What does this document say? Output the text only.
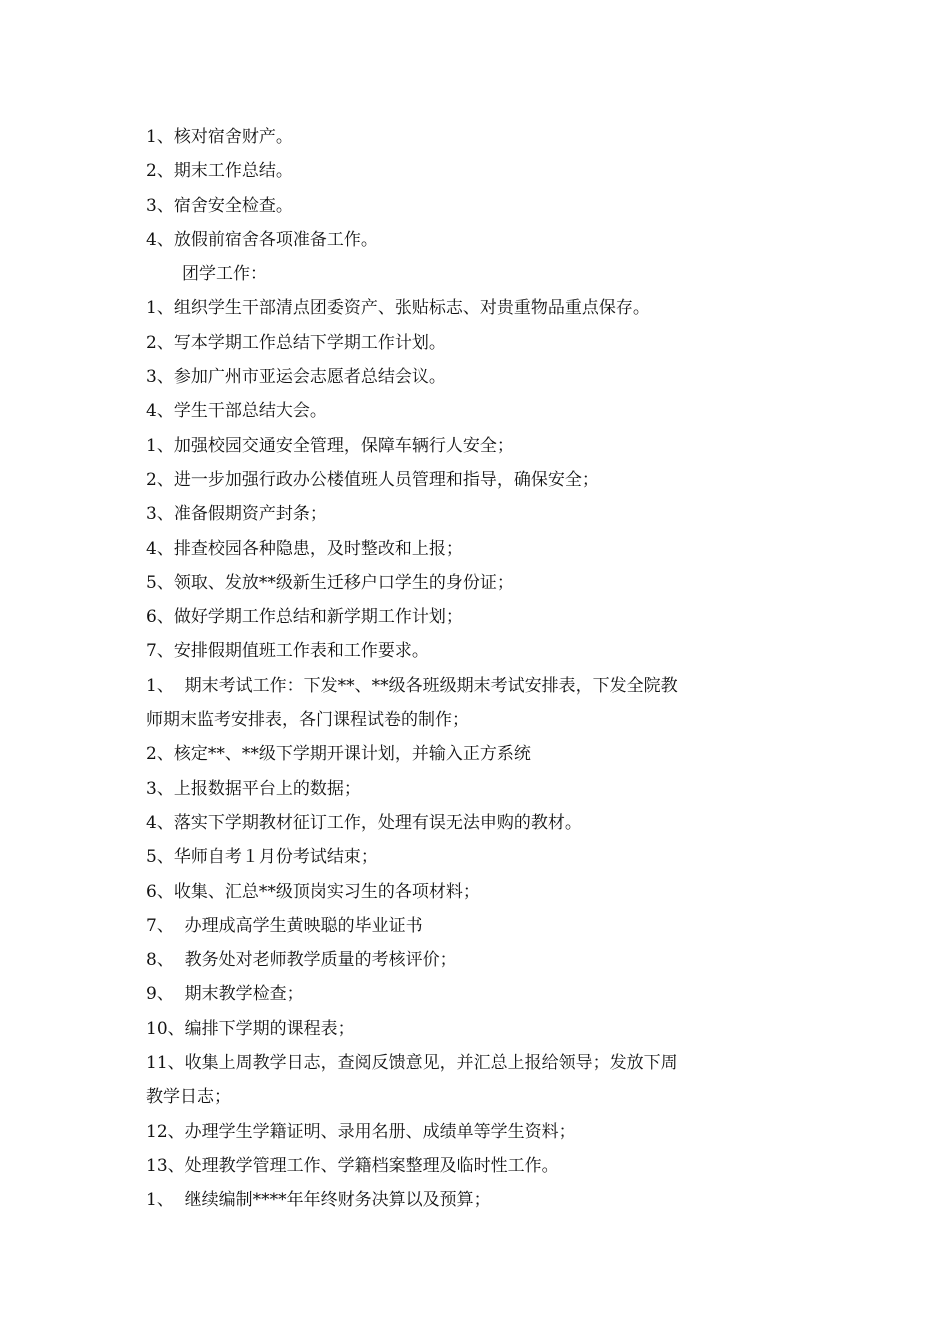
1、核对宿舍财产。
2、期末工作总结。
3、宿舍安全检查。
4、放假前宿舍各项准备工作。
团学工作：
1、组织学生干部清点团委资产、张贴标志、对贵重物品重点保存。
2、写本学期工作总结下学期工作计划。
3、参加广州市亚运会志愿者总结会议。
4、学生干部总结大会。
1、加强校园交通安全管理，保障车辆行人安全；
2、进一步加强行政办公楼值班人员管理和指导，确保安全；
3、准备假期资产封条；
4、排查校园各种隐患，及时整改和上报；
5、领取、发放**级新生迁移户口学生的身份证；
6、做好学期工作总结和新学期工作计划；
7、安排假期值班工作表和工作要求。
1、  期末考试工作：下发**、**级各班级期末考试安排表，下发全院教
师期末监考安排表，各门课程试卷的制作；
2、核定**、**级下学期开课计划，并输入正方系统
3、上报数据平台上的数据；
4、落实下学期教材征订工作，处理有误无法申购的教材。
5、华师自考１月份考试结束；
6、收集、汇总**级顶岗实习生的各项材料；
7、  办理成高学生黄映聪的毕业证书
8、  教务处对老师教学质量的考核评价；
9、  期末教学检查；
10、编排下学期的课程表；
11、收集上周教学日志，查阅反馈意见，并汇总上报给领导；发放下周
教学日志；
12、办理学生学籍证明、录用名册、成绩单等学生资料；
13、处理教学管理工作、学籍档案整理及临时性工作。
1、  继续编制****年年终财务决算以及预算；
